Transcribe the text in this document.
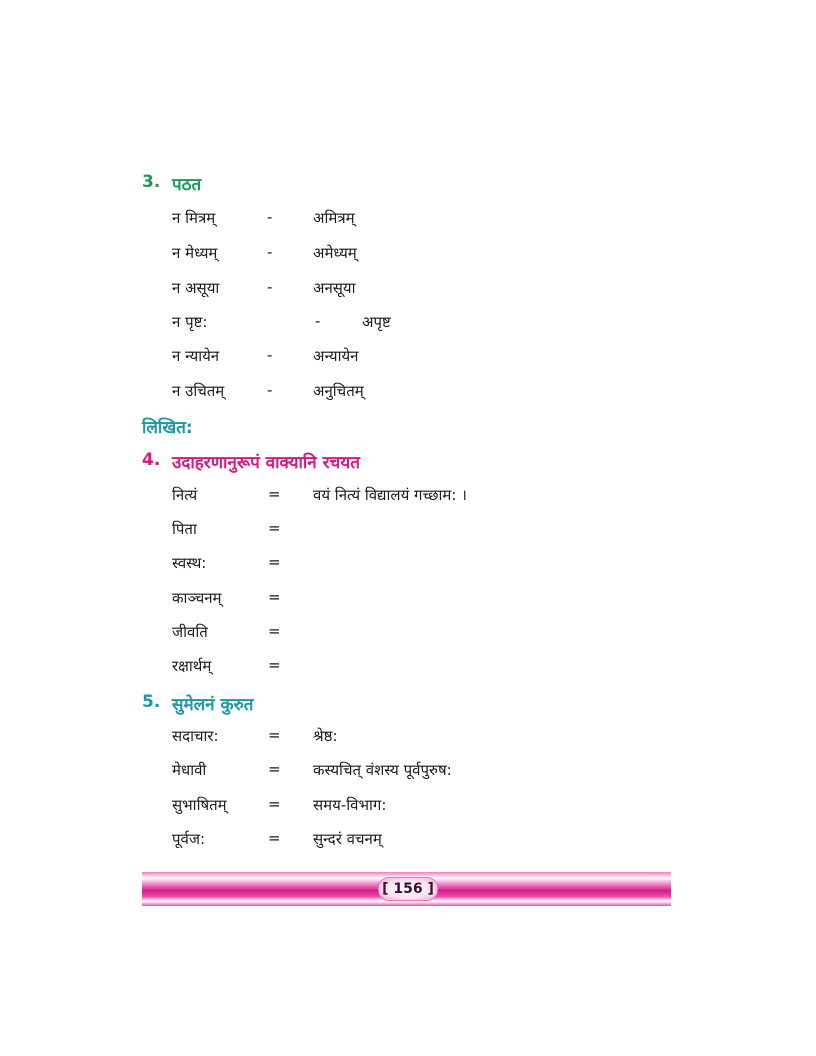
3. पठत
न मित्रम्	-	अमित्रम्
न मेध्यम्	-	अमेध्यम्
न असूया	-	अनसूया
न पृष्ट:	-	अपृष्ट
न न्यायेन	-	अन्यायेन
न उचितम्	-	अनुचितम्
लिखित:
4. उदाहरणानुरूपं वाक्यानि रचयत
नित्यं	= वयं नित्यं विद्यालयं गच्छाम: ।
पिता	=
स्वस्थ:	=
काञ्चनम्	=
जीवति	=
रक्षार्थम्	=
5. सुमेलनं कुरुत
सदाचार:	= श्रेष्ठ:
मेधावी	= कस्यचित् वंशस्य पूर्वपुरुष:
सुभाषितम्	= समय-विभाग:
पूर्वज:	= सुन्दरं वचनम्
[ 156 ]
